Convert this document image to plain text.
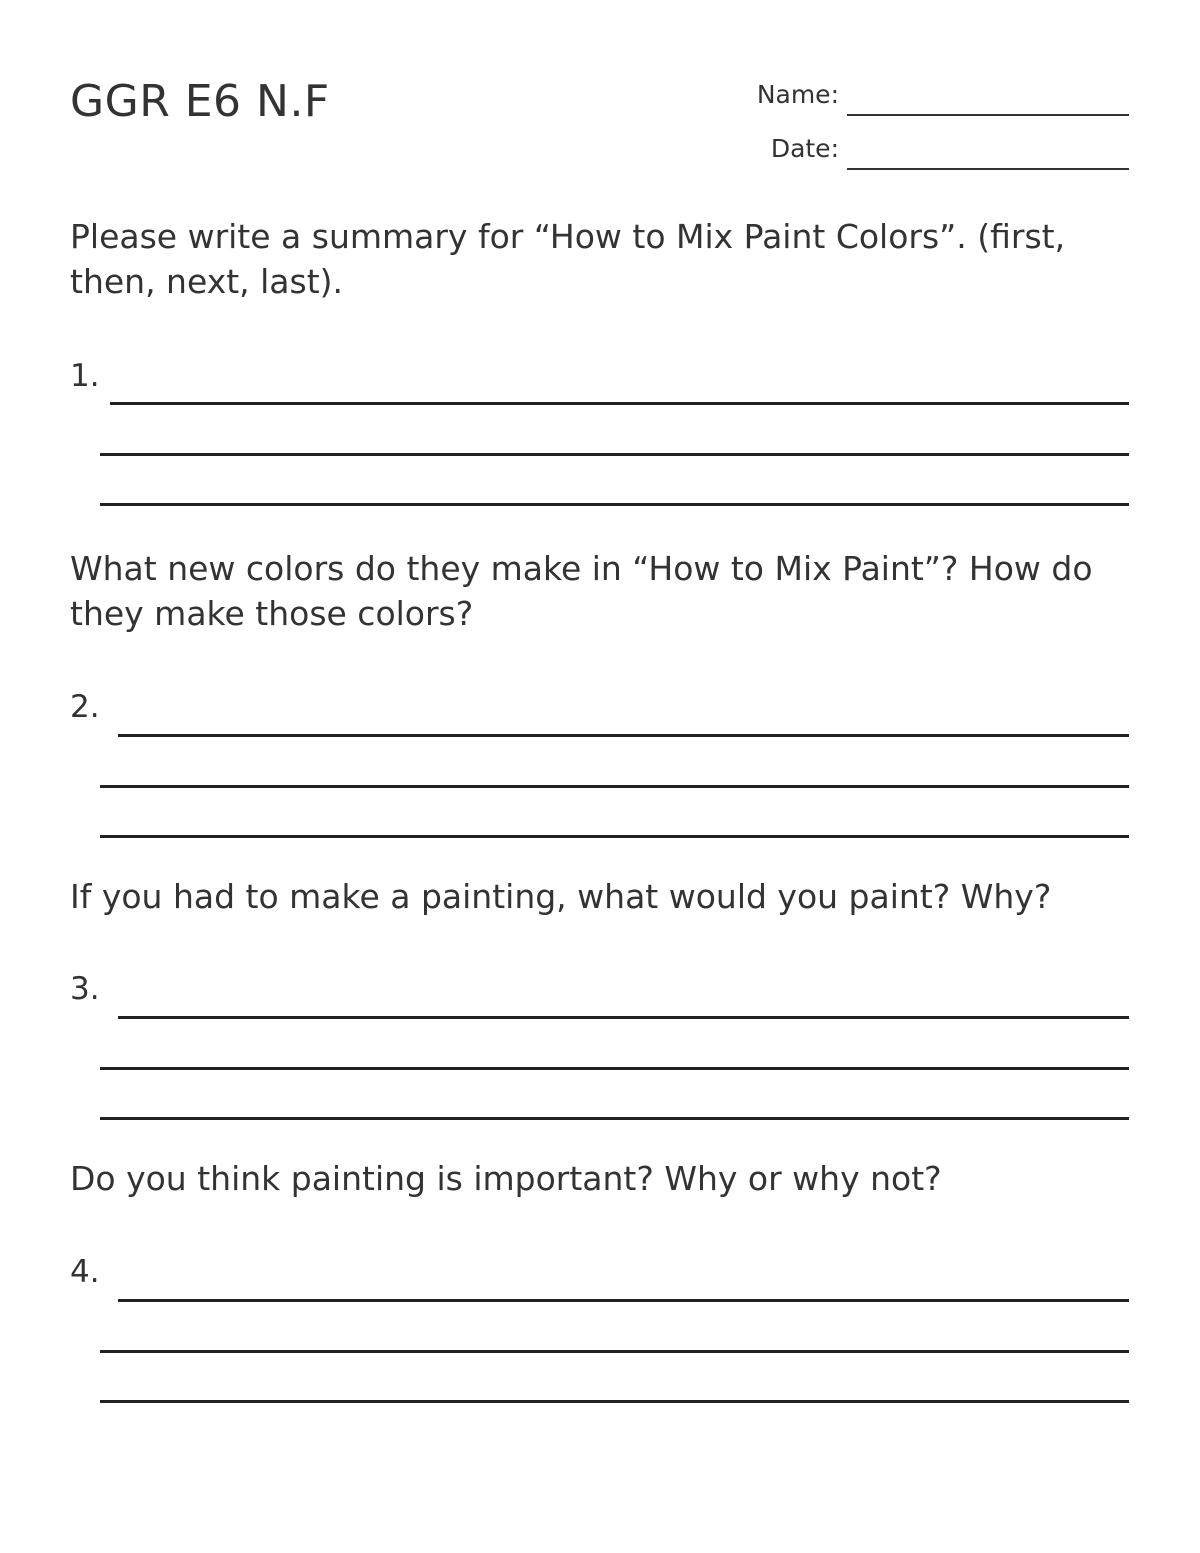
GGR E6 N.F	Name:
Date:
Please write a summary for “How to Mix Paint Colors”. (first, then, next, last).
1.
What new colors do they make in “How to Mix Paint”? How do they make those colors?
2.
If you had to make a painting, what would you paint? Why?
3.
Do you think painting is important? Why or why not?
4.
